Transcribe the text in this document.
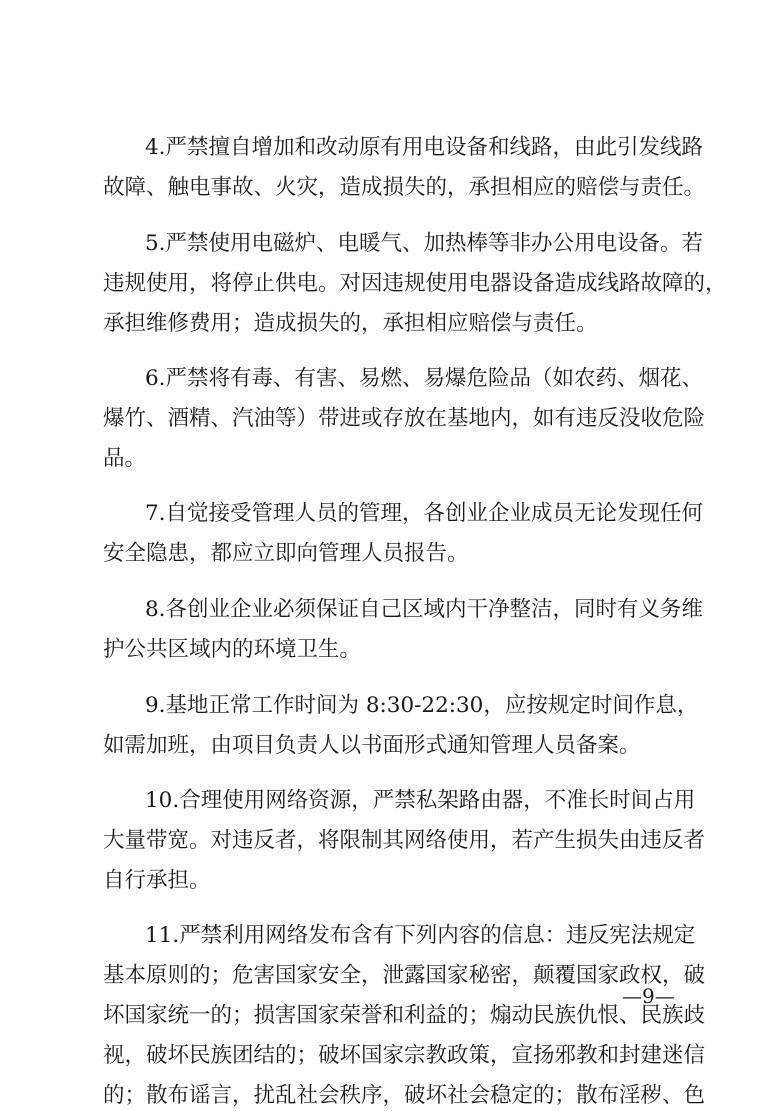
4.严禁擅自增加和改动原有用电设备和线路，由此引发线路
故障、触电事故、火灾，造成损失的，承担相应的赔偿与责任。
5.严禁使用电磁炉、电暖气、加热棒等非办公用电设备。若
违规使用，将停止供电。对因违规使用电器设备造成线路故障的，
承担维修费用；造成损失的，承担相应赔偿与责任。
6.严禁将有毒、有害、易燃、易爆危险品（如农药、烟花、
爆竹、酒精、汽油等）带进或存放在基地内，如有违反没收危险
品。
7.自觉接受管理人员的管理，各创业企业成员无论发现任何
安全隐患，都应立即向管理人员报告。
8.各创业企业必须保证自己区域内干净整洁，同时有义务维
护公共区域内的环境卫生。
9.基地正常工作时间为 8:30-22:30，应按规定时间作息，
如需加班，由项目负责人以书面形式通知管理人员备案。
10.合理使用网络资源，严禁私架路由器，不准长时间占用
大量带宽。对违反者，将限制其网络使用，若产生损失由违反者
自行承担。
11.严禁利用网络发布含有下列内容的信息：违反宪法规定
基本原则的；危害国家安全，泄露国家秘密，颠覆国家政权，破
坏国家统一的；损害国家荣誉和利益的；煽动民族仇恨、民族歧
视，破坏民族团结的；破坏国家宗教政策，宣扬邪教和封建迷信
的；散布谣言，扰乱社会秩序，破坏社会稳定的；散布淫秽、色
—9—
